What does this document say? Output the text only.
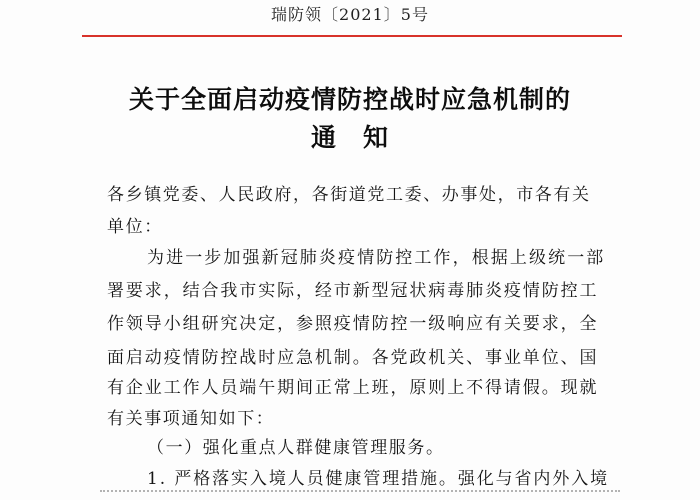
瑞防领〔2021〕5号
关于全面启动疫情防控战时应急机制的
通　知
各乡镇党委、人民政府，各街道党工委、办事处，市各有关
单位：
为进一步加强新冠肺炎疫情防控工作，根据上级统一部
署要求，结合我市实际，经市新型冠状病毒肺炎疫情防控工
作领导小组研究决定，参照疫情防控一级响应有关要求，全
面启动疫情防控战时应急机制。各党政机关、事业单位、国
有企业工作人员端午期间正常上班，原则上不得请假。现就
有关事项通知如下：
（一）强化重点人群健康管理服务。
1. 严格落实入境人员健康管理措施。强化与省内外入境
